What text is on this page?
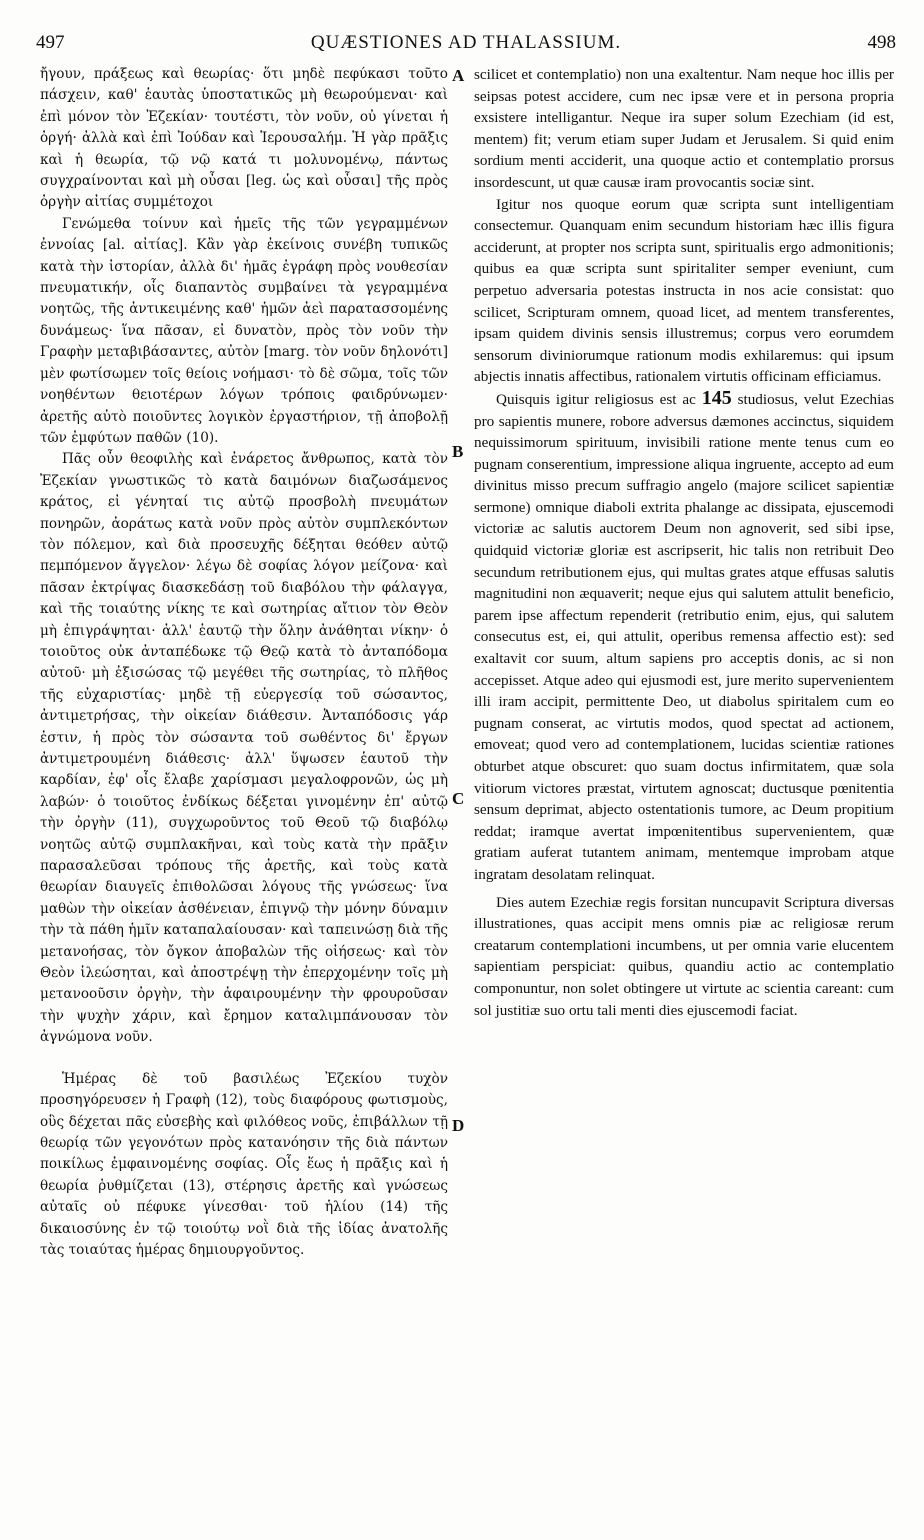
497	QUÆSTIONES AD THALASSIUM.	498

ἤγουν, πράξεως καὶ θεωρίας· ὅτι μηδὲ πεφύκασι τοῦτο πάσχειν, καθ' ἑαυτὰς ὑποστατικῶς μὴ θεωρούμεναι· καὶ ἐπὶ μόνον τὸν Ἐζεκίαν· τουτέστι, τὸν νοῦν, οὐ γίνεται ἡ ὀργή· ἀλλὰ καὶ ἐπὶ Ἰούδαν καὶ Ἱερουσαλήμ. Ἡ γὰρ πρᾶξις καὶ ἡ θεωρία, τῷ νῷ κατά τι μολυνομένῳ, πάντως συγχραίνονται καὶ μὴ οὖσαι [leg. ὡς καὶ οὖσαι] τῆς πρὸς ὀργὴν αἰτίας συμμέτοχοι

Γενώμεθα τοίνυν καὶ ἡμεῖς τῆς τῶν γεγραμμένων ἐννοίας [al. αἰτίας]. Κἂν γὰρ ἐκείνοις συνέβη τυπικῶς κατὰ τὴν ἱστορίαν, ἀλλὰ δι' ἡμᾶς ἐγράφη πρὸς νουθεσίαν πνευματικήν, οἷς διαπαντὸς συμβαίνει τὰ γεγραμμένα νοητῶς, τῆς ἀντικειμένης καθ' ἡμῶν ἀεὶ παρατασσομένης δυνάμεως· ἵνα πᾶσαν, εἰ δυνατὸν, πρὸς τὸν νοῦν τὴν Γραφὴν μεταβιβάσαντες, αὐτὸν [marg. τὸν νοῦν δηλονότι] μὲν φωτίσωμεν τοῖς θείοις νοήμασι· τὸ δὲ σῶμα, τοῖς τῶν νοηθέντων θειοτέρων λόγων τρόποις φαιδρύνωμεν· ἀρετῆς αὐτὸ ποιοῦντες λογικὸν ἐργαστήριον, τῇ ἀποβολῇ τῶν ἐμφύτων παθῶν (10).

Πᾶς οὖν θεοφιλὴς καὶ ἐνάρετος ἄνθρωπος, κατὰ τὸν Ἐζεκίαν γνωστικῶς τὸ κατὰ δαιμόνων διαζωσάμενος κράτος, εἰ γένηταί τις αὐτῷ προσβολὴ πνευμάτων πονηρῶν, ἀοράτως κατὰ νοῦν πρὸς αὐτὸν συμπλεκόντων τὸν πόλεμον, καὶ διὰ προσευχῆς δέξηται θεόθεν αὐτῷ πεμπόμενον ἄγγελον· λέγω δὲ σοφίας λόγον μείζονα· καὶ πᾶσαν ἐκτρίψας διασκεδάσῃ τοῦ διαβόλου τὴν φάλαγγα, καὶ τῆς τοιαύτης νίκης τε καὶ σωτηρίας αἴτιον τὸν Θεὸν μὴ ἐπιγράψηται· ἀλλ' ἑαυτῷ τὴν ὅλην ἀνάθηται νίκην· ὁ τοιοῦτος οὐκ ἀνταπέδωκε τῷ Θεῷ κατὰ τὸ ἀνταπόδομα αὐτοῦ· μὴ ἐξισώσας τῷ μεγέθει τῆς σωτηρίας, τὸ πλῆθος τῆς εὐχαριστίας· μηδὲ τῇ εὐεργεσίᾳ τοῦ σώσαντος, ἀντιμετρήσας, τὴν οἰκείαν διάθεσιν. Ἀνταπόδοσις γάρ ἐστιν, ἡ πρὸς τὸν σώσαντα τοῦ σωθέντος δι' ἔργων ἀντιμετρουμένη διάθεσις· ἀλλ' ὕψωσεν ἑαυτοῦ τὴν καρδίαν, ἐφ' οἷς ἔλαβε χαρίσμασι μεγαλοφρονῶν, ὡς μὴ λαβών· ὁ τοιοῦτος ἐνδίκως δέξεται γινομένην ἐπ' αὐτῷ τὴν ὀργὴν (11), συγχωροῦντος τοῦ Θεοῦ τῷ διαβόλῳ νοητῶς αὐτῷ συμπλακῆναι, καὶ τοὺς κατὰ τὴν πρᾶξιν παρασαλεῦσαι τρόπους τῆς ἀρετῆς, καὶ τοὺς κατὰ θεωρίαν διαυγεῖς ἐπιθολῶσαι λόγους τῆς γνώσεως· ἵνα μαθὼν τὴν οἰκείαν ἀσθένειαν, ἐπιγνῷ τὴν μόνην δύναμιν τὴν τὰ πάθη ἡμῖν καταπαλαίουσαν· καὶ ταπεινώσῃ διὰ τῆς μετανοήσας, τὸν ὄγκον ἀποβαλὼν τῆς οἰήσεως· καὶ τὸν Θεὸν ἱλεώσηται, καὶ ἀποστρέψῃ τὴν ἐπερχομένην τοῖς μὴ μετανοοῦσιν ὀργὴν, τὴν ἀφαιρουμένην τὴν φρουροῦσαν τὴν ψυχὴν χάριν, καὶ ἔρημον καταλιμπάνουσαν τὸν ἀγνώμονα νοῦν.

Ἡμέρας δὲ τοῦ βασιλέως Ἐζεκίου τυχὸν προσηγόρευσεν ἡ Γραφὴ (12), τοὺς διαφόρους φωτισμοὺς, οὓς δέχεται πᾶς εὐσεβὴς καὶ φιλόθεος νοῦς, ἐπιβάλλων τῇ θεωρίᾳ τῶν γεγονότων πρὸς κατανόησιν τῆς διὰ πάντων ποικίλως ἐμφαινομένης σοφίας. Οἷς ἕως ἡ πρᾶξις καὶ ἡ θεωρία ῥυθμίζεται (13), στέρησις ἀρετῆς καὶ γνώσεως αὐταῖς οὐ πέφυκε γίνεσθαι· τοῦ ἡλίου (14) τῆς δικαιοσύνης ἐν τῷ τοιούτῳ νοῒ διὰ τῆς ἰδίας ἀνατολῆς τὰς τοιαύτας ἡμέρας δημιουργοῦντος.

A
B
C
D

scilicet et contemplatio) non una exaltentur. Nam neque hoc illis per seipsas potest accidere, cum nec ipsæ vere et in persona propria exsistere intelligantur. Neque ira super solum Ezechiam (id est, mentem) fit; verum etiam super Judam et Jerusalem. Si quid enim sordium menti acciderit, una quoque actio et contemplatio prorsus insordescunt, ut quæ causæ iram provocantis sociæ sint.

Igitur nos quoque eorum quæ scripta sunt intelligentiam consectemur. Quanquam enim secundum historiam hæc illis figura acciderunt, at propter nos scripta sunt, spiritualis ergo admonitionis; quibus ea quæ scripta sunt spiritaliter semper eveniunt, cum perpetuo adversaria potestas instructa in nos acie consistat: quo scilicet, Scripturam omnem, quoad licet, ad mentem transferentes, ipsam quidem divinis sensis illustremus; corpus vero eorumdem sensorum diviniorumque rationum modis exhilaremus: qui ipsum abjectis innatis affectibus, rationalem virtutis officinam efficiamus.

Quisquis igitur religiosus est ac 145 studiosus, velut Ezechias pro sapientis munere, robore adversus dæmones accinctus, siquidem nequissimorum spirituum, invisibili ratione mente tenus cum eo pugnam conserentium, impressione aliqua ingruente, accepto ad eum divinitus misso precum suffragio angelo (majore scilicet sapientiæ sermone) omnique diaboli extrita phalange ac dissipata, ejuscemodi victoriæ ac salutis auctorem Deum non agnoverit, sed sibi ipse, quidquid victoriæ gloriæ est ascripserit, hic talis non retribuit Deo secundum retributionem ejus, qui multas grates atque effusas salutis magnitudini non æquaverit; neque ejus qui salutem attulit beneficio, parem ipse affectum rependerit (retributio enim, ejus, qui salutem consecutus est, ei, qui attulit, operibus remensa affectio est): sed exaltavit cor suum, altum sapiens pro acceptis donis, ac si non accepisset. Atque adeo qui ejusmodi est, jure merito supervenientem illi iram accipit, permittente Deo, ut diabolus spiritalem cum eo pugnam conserat, ac virtutis modos, quod spectat ad actionem, emoveat; quod vero ad contemplationem, lucidas scientiæ rationes obturbet atque obscuret: quo suam doctus infirmitatem, quæ sola vitiorum victores præstat, virtutem agnoscat; ductusque pœnitentia sensum deprimat, abjecto ostentationis tumore, ac Deum propitium reddat; iramque avertat impœnitentibus supervenientem, quæ gratiam auferat tutantem animam, mentemque improbam atque ingratam desolatam relinquat.

Dies autem Ezechiæ regis forsitan nuncupavit Scriptura diversas illustrationes, quas accipit mens omnis piæ ac religiosæ rerum creatarum contemplationi incumbens, ut per omnia varie elucentem sapientiam perspiciat: quibus, quandiu actio ac contemplatio componuntur, non solet obtingere ut virtute ac scientia careant: cum sol justitiæ suo ortu tali menti dies ejuscemodi faciat.
